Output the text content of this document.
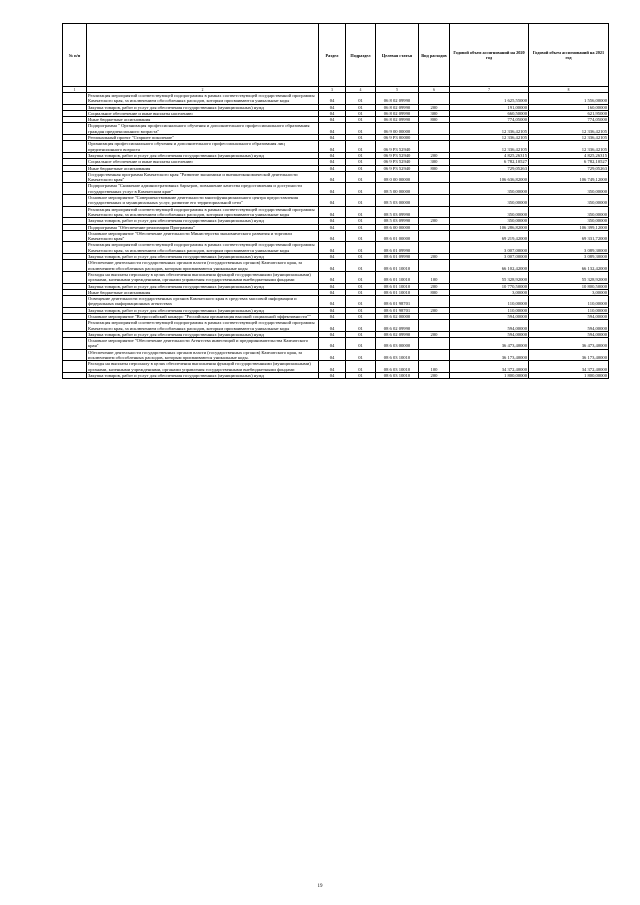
№ п/п		Раздел	Подраздел	Целевая статья	Вид расходов	Годовой объем ассигнований на 2020 год	Годовой объем ассигнований на 2021 год
1	2	3	4	5	6	7	8
	Реализация мероприятий соответствующей подпрограммы в рамках соответствующей государственной программы Камчатского края, за исключением обособленных расходов, которым присваиваются уникальные коды	04	01	06 8 02 09990		1 625,55000	1 556,00000
	Закупка товаров, работ и услуг для обеспечения государственных (муниципальных) нужд	04	01	06 8 02 09990	200	191,00000	160,00000
	Социальное обеспечение и иные выплаты населению	04	01	06 8 02 09990	300	660,50000	621,95000
	Иные бюджетные ассигнования	04	01	06 8 02 09990	800	774,05000	774,05000
	Подпрограмма " Организация профессионального обучения и дополнительного профессионального образования граждан предпенсионного возраста"	04	01	06 9 00 00000		12 336,42105	12 336,42105
	Региональный проект "Старшее поколение"	04	01	06 9 P3 00000		12 336,42105	12 336,42105
	Организация профессионального обучения и дополнительного профессионального образования лиц предпенсионного возраста	04	01	06 9 P3 52940		12 336,42105	12 336,42105
	Закупка товаров, работ и услуг для обеспечения государственных (муниципальных) нужд	04	01	06 9 P3 52940	200	4 825,26315	4 825,26315
	Социальное обеспечение и иные выплаты населению	04	01	06 9 P3 52940	300	6 782,10527	6 782,10527
	Иные бюджетные ассигнования	04	01	06 9 P3 52940	800	729,05263	729,05263
	Государственная программа Камчатского края "Развитие экономики и внешнеэкономической деятельности Камчатского края"	04	01	08 0 00 00000		106 636,82000	106 749,12000
	Подпрограмма "Снижение административных барьеров, повышение качества предоставления и доступности государственных услуг в Камчатском крае"	04	01	08 5 00 00000		350,00000	350,00000
	Основное мероприятие "Совершенствование деятельности многофункционального центра предоставления государственных и муниципальных услуг, развитие его территориальной сети"	04	01	08 5 03 00000		350,00000	350,00000
	Реализация мероприятий соответствующей подпрограммы в рамках соответствующей государственной программы Камчатского края, за исключением обособленных расходов, которым присваиваются уникальные коды	04	01	08 5 03 09990		350,00000	350,00000
	Закупка товаров, работ и услуг для обеспечения государственных (муниципальных) нужд	04	01	08 5 03 09990	200	350,00000	350,00000
	Подпрограмма "Обеспечение реализации Программы"	04	01	08 6 00 00000		106 286,82000	106 399,12000
	Основное мероприятие "Обеспечение деятельности Министерства экономического развития и торговли Камчатского края"	04	01	08 6 01 00000		69 219,42000	69 331,72000
	Реализация мероприятий соответствующей подпрограммы в рамках соответствующей государственной программы Камчатского края, за исключением обособленных расходов, которым присваиваются уникальные коды	04	01	08 6 01 09990		3 007,00000	3 089,30000
	Закупка товаров, работ и услуг для обеспечения государственных (муниципальных) нужд	04	01	08 6 01 09990	200	3 007,00000	3 089,30000
	Обеспечение деятельности государственных органов власти (государственных органов) Камчатского края, за исключением обособленных расходов, которым присваиваются уникальные коды	04	01	08 6 01 10010		66 102,42000	66 132,42000
	Расходы на выплаты персоналу в целях обеспечения выполнения функций государственными (муниципальными) органами, казенными учреждениями, органами управления государственными внебюджетными фондами	04	01	08 6 01 10010	100	55 328,92000	55 328,92000
	Закупка товаров, работ и услуг для обеспечения государственных (муниципальных) нужд	04	01	08 6 01 10010	200	10 770,50000	10 800,50000
	Иные бюджетные ассигнования	04	01	08 6 01 10010	800	3,00000	3,00000
	Освещение деятельности государственных органов Камчатского края в средствах массовой информации и федеральных информационных агентствах	04	01	08 6 01 98701		110,00000	110,00000
	Закупка товаров, работ и услуг для обеспечения государственных (муниципальных) нужд	04	01	08 6 01 98701	200	110,00000	110,00000
	Основное мероприятие "Всероссийский конкурс "Российская организация высокой социальной эффективности""	04	01	08 6 02 00000		594,00000	594,00000
	Реализация мероприятий соответствующей подпрограммы в рамках соответствующей государственной программы Камчатского края, за исключением обособленных расходов, которым присваиваются уникальные коды	04	01	08 6 02 09990		594,00000	594,00000
	Закупка товаров, работ и услуг для обеспечения государственных (муниципальных) нужд	04	01	08 6 02 09990	200	594,00000	594,00000
	Основное мероприятие "Обеспечение деятельности Агентства инвестиций и предпринимательства Камчатского края"	04	01	08 6 03 00000		36 473,40000	36 473,40000
	Обеспечение деятельности государственных органов власти (государственных органов) Камчатского края, за исключением обособленных расходов, которым присваиваются уникальные коды.	04	01	08 6 03 10010		36 173,40000	36 173,40000
	Расходы на выплаты персоналу в целях обеспечения выполнения функций государственными (муниципальными) органами, казенными учреждениями, органами управления государственными внебюджетными фондами	04	01	08 6 03 10010	100	34 372,40000	34 372,40000
	Закупка товаров, работ и услуг для обеспечения государственных (муниципальных) нужд	04	01	08 6 03 10010	200	1 800,00000	1 800,00000
19
